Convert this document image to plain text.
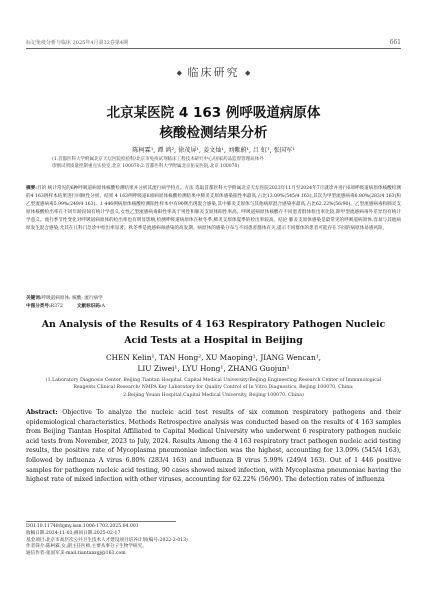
标记免疫分析与临床 2025年4月第32卷第4期	661
◆ 临床研究 ◆
北京某医院 4 163 例呼吸道病原体
核酸检测结果分析
陈柯霖¹, 谭 鸿², 徐茂屏¹, 姜文灿¹, 刘紫蔚¹, 吕 虹¹, 张国军¹
(1.首都医科大学附属北京天坛医院检验科/北京市免疫试剂临床工程技术研究中心/国家药品监督管理局体外
诊断试剂质量控制重点实验室,北京 100070;2.首都医科大学附属北京佑安医院,北京 100070)
摘要:目的 统计常见的6种呼吸道病原体核酸检测结果并分析其流行病学特点。方法 选取首都医科大学附属北京天坛医院2023年11月至2024年7月就诊并进行6项呼吸道病原体核酸检测的4 163例样本结果进行回顾性分析。结果 4 163例呼吸道6项病原体核酸检测结果中肺炎支原体感染阳性率最高,占比13.09%(545/4 163),其次为甲型流感病毒6.80%(283/4 163)和乙型流感病毒5.99%(249/4 163)。1 446例病原体核酸检测阳性样本中有90例出现混合感染,其中肺炎支原体与其他病原混合感染率最高,占比62.22%(56/90)。乙型流感病毒和肺炎支原体核酸检出率在不同年龄段间有统计学意义,女性乙型流感病毒阳性率高于男性和肺炎支原体阳性率高。呼吸道病原体核酸在不同患者群体检出率比较,除甲型流感病毒外差异均有统计学意义。流行季节性变化对呼吸道病原体的检出率也有明显影响,检测呼吸道病原体在秋冬季,肺炎支原体夏季的检出率较高。结论 肺炎支原体感染是最常见的呼吸道病原体,容易与其他病原发生混合感染,尤其在儿科门急诊中检出率显著。秋冬季是流感病毒感染的高发期。病原体的感染分布与不同患者群体有关,提示不同群体的患者可能存在不同的病原体易感风险。
关键词:呼吸道病原体; 核酸; 流行病学
中图分类号:R372	文献标识码:A
An Analysis of the Results of 4 163 Respiratory Pathogen Nucleic
Acid Tests at a Hospital in Beijing
CHEN Kelin¹, TAN Hong², XU Maoping¹, JIANG Wencan¹,
LIU Ziwei¹, LYU Hong¹, ZHANG Guojun¹
(1.Laboratory Diagnosis Center, Beijing Tiantan Hospital, Capital Medical University/Beijing Engineering Research Center of Immunological
Reagents Clinical Research/ NMPA Key Laboratory for Quality Control of In Vitro Diagnostics, Beijing 100070, China;
2.Beijing Youan Hospital,Capital Medical University, Beijing 100070, China)
Abstract: Objective To analyze the nucleic acid test results of six common respiratory pathogens and their epidemiological characteristics. Methods Retrospective analysis was conducted based on the results of 4 163 samples from Beijing Tiantan Hospital Affiliated to Capital Medical University who underwent 6 respiratory pathogen nucleic acid tests from November, 2023 to July, 2024. Results Among the 4 163 respiratory tract pathogen nucleic acid testing results, the positive rate of Mycoplasma pneumoniae infection was the highest, accounting for 13.09% (545/4 163), followed by influenza A virus 6.80% (283/4 163) and influenza B virus 5.99% (249/4 163). Out of 1 446 positive samples for pathogen nucleic acid testing, 90 cases showed mixed infection, with Mycoplasma pneumoniae having the highest rate of mixed infection with other viruses, accounting for 62.22% (56/90). The detection rates of influenza
DOI:10.11748/bjmy.issn.1006-1703.2025.04.001
收稿日期:2024-11-03;修回日期:2025-02-17
基金项目:北京市高层次公共卫生技术人才建设项目培养计划(编号:2022-2-013)
作者简介:陈柯霖,女,副主任医师,主要从事分子生物学研究。
通信作者:张国军,E-mail:tiantanzgj@163.com
